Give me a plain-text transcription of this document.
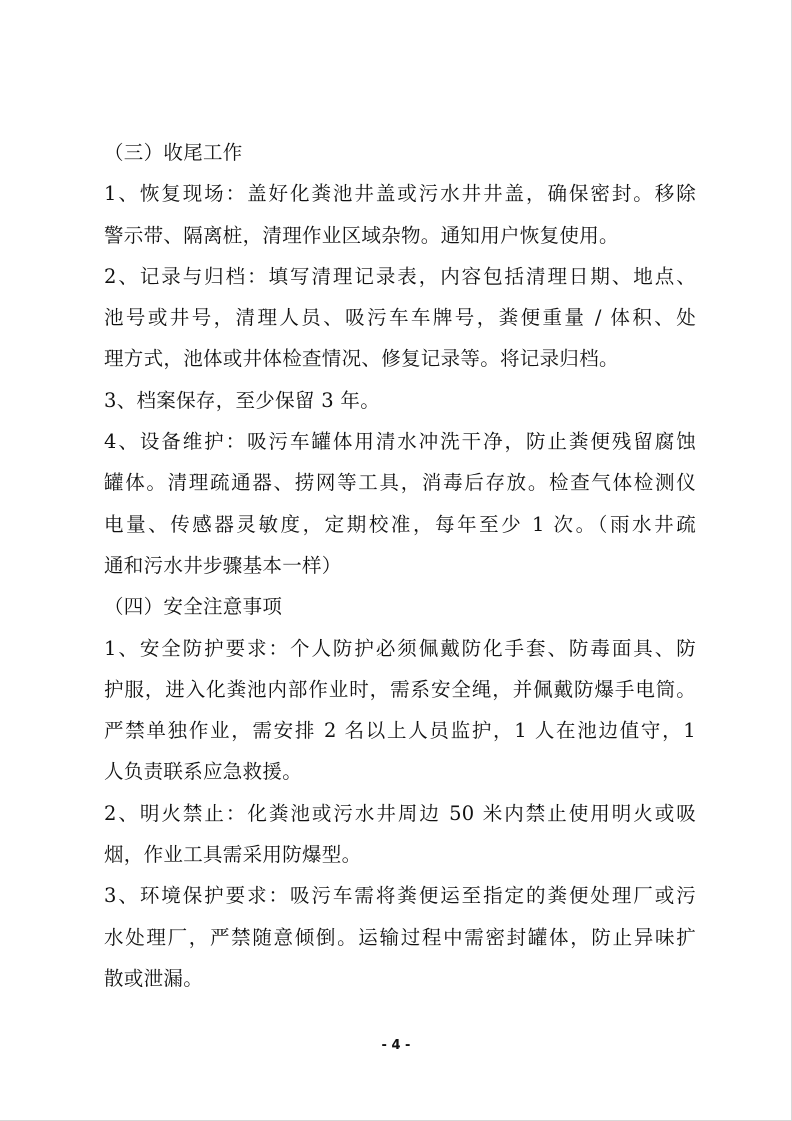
（三）收尾工作
1、恢复现场：盖好化粪池井盖或污水井井盖，确保密封。移除
警示带、隔离桩，清理作业区域杂物。通知用户恢复使用。
2、记录与归档：填写清理记录表，内容包括清理日期、地点、
池号或井号，清理人员、吸污车车牌号，粪便重量 / 体积、处
理方式，池体或井体检查情况、修复记录等。将记录归档。
3、档案保存，至少保留 3 年。
4、设备维护：吸污车罐体用清水冲洗干净，防止粪便残留腐蚀
罐体。清理疏通器、捞网等工具，消毒后存放。检查气体检测仪
电量、传感器灵敏度，定期校准，每年至少 1 次。（雨水井疏
通和污水井步骤基本一样）
（四）安全注意事项
1、安全防护要求：个人防护必须佩戴防化手套、防毒面具、防
护服，进入化粪池内部作业时，需系安全绳，并佩戴防爆手电筒。
严禁单独作业，需安排 2 名以上人员监护，1 人在池边值守，1
人负责联系应急救援。
2、明火禁止：化粪池或污水井周边 50 米内禁止使用明火或吸
烟，作业工具需采用防爆型。
3、环境保护要求：吸污车需将粪便运至指定的粪便处理厂或污
水处理厂，严禁随意倾倒。运输过程中需密封罐体，防止异味扩
散或泄漏。
- 4 -
